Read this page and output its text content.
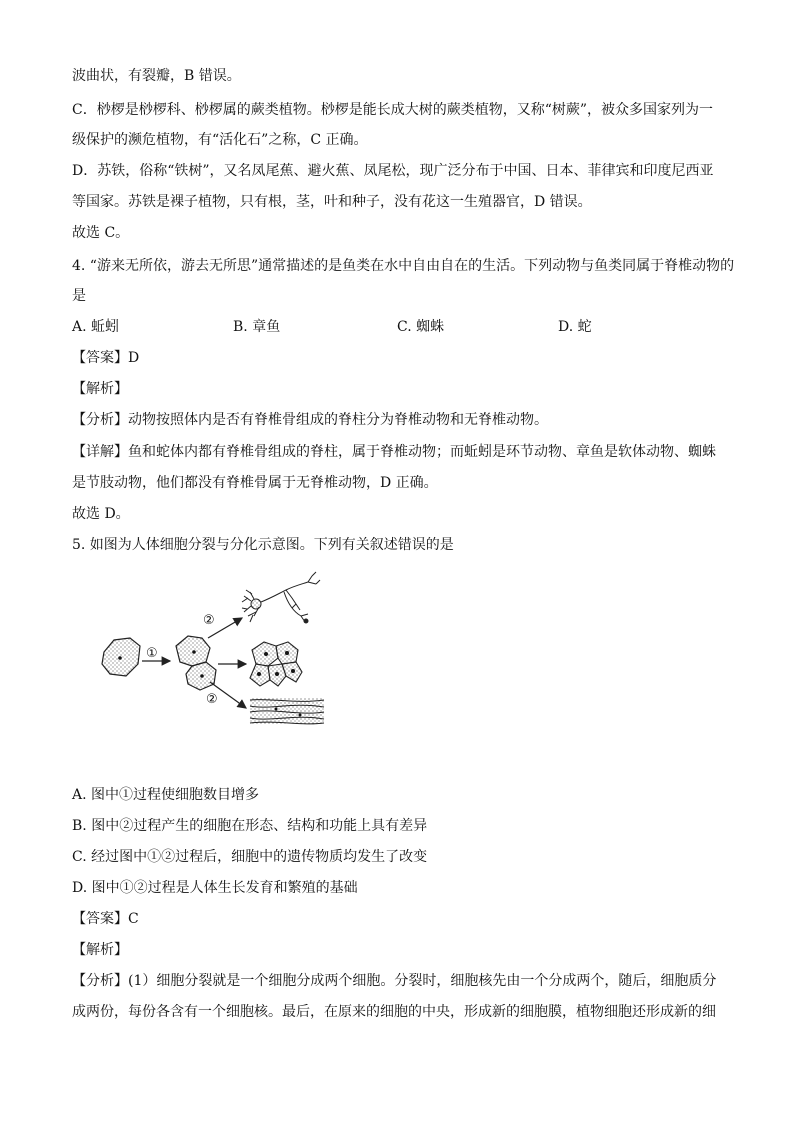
波曲状，有裂瓣，B 错误。
C．桫椤是桫椤科、桫椤属的蕨类植物。桫椤是能长成大树的蕨类植物，又称“树蕨”，被众多国家列为一
级保护的濒危植物，有“活化石”之称，C 正确。
D．苏铁，俗称“铁树”，又名凤尾蕉、避火蕉、凤尾松，现广泛分布于中国、日本、菲律宾和印度尼西亚
等国家。苏铁是裸子植物，只有根，茎，叶和种子，没有花这一生殖器官，D 错误。
故选 C。
4. “游来无所依，游去无所思”通常描述的是鱼类在水中自由自在的生活。下列动物与鱼类同属于脊椎动物的
是
A. 蚯蚓	B. 章鱼	C. 蜘蛛	D. 蛇
【答案】D
【解析】
【分析】动物按照体内是否有脊椎骨组成的脊柱分为脊椎动物和无脊椎动物。
【详解】鱼和蛇体内都有脊椎骨组成的脊柱，属于脊椎动物；而蚯蚓是环节动物、章鱼是软体动物、蜘蛛
是节肢动物，他们都没有脊椎骨属于无脊椎动物，D 正确。
故选 D。
5. 如图为人体细胞分裂与分化示意图。下列有关叙述错误的是
①
②
②
A. 图中①过程使细胞数目增多
B. 图中②过程产生的细胞在形态、结构和功能上具有差异
C. 经过图中①②过程后，细胞中的遗传物质均发生了改变
D. 图中①②过程是人体生长发育和繁殖的基础
【答案】C
【解析】
【分析】(1）细胞分裂就是一个细胞分成两个细胞。分裂时，细胞核先由一个分成两个，随后，细胞质分
成两份，每份各含有一个细胞核。最后，在原来的细胞的中央，形成新的细胞膜，植物细胞还形成新的细
